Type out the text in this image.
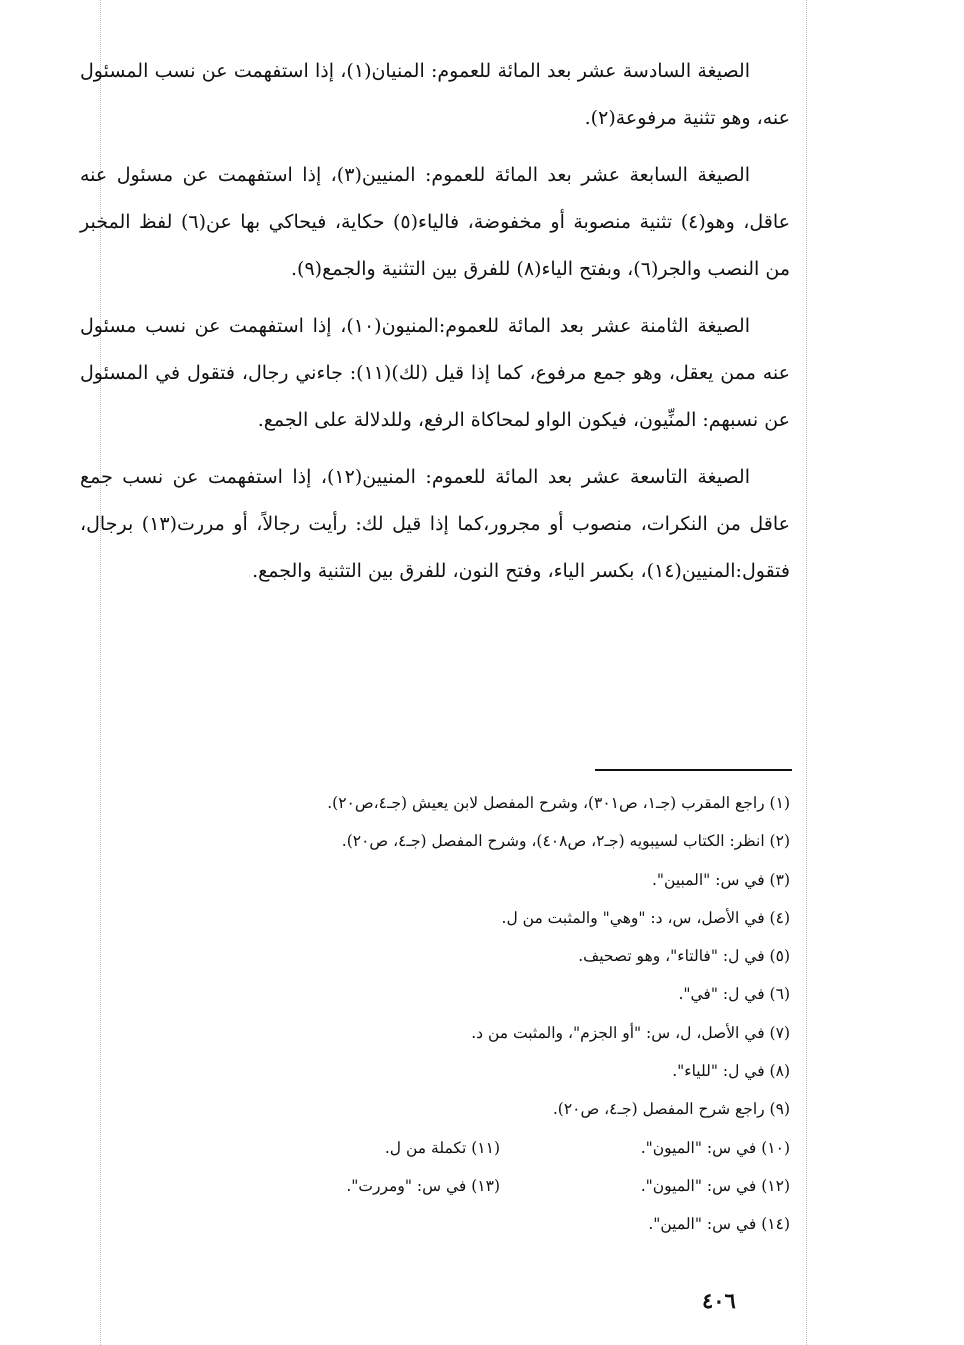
الصيغة السادسة عشر بعد المائة للعموم: المنيان(١)، إذا استفهمت عن نسب المسئول عنه، وهو تثنية مرفوعة(٢).

الصيغة السابعة عشر بعد المائة للعموم: المنيين(٣)، إذا استفهمت عن مسئول عنه عاقل، وهو(٤) تثنية منصوبة أو مخفوضة، فالياء(٥) حكاية، فيحاكي بها عن(٦) لفظ المخبر من النصب والجر(٦)، وبفتح الياء(٨) للفرق بين التثنية والجمع(٩).

الصيغة الثامنة عشر بعد المائة للعموم:المنيون(١٠)، إذا استفهمت عن نسب مسئول عنه ممن يعقل، وهو جمع مرفوع، كما إذا قيل (لك)(١١): جاءني رجال، فتقول في المسئول عن نسبهم: المنِّيون، فيكون الواو لمحاكاة الرفع، وللدلالة على الجمع.

الصيغة التاسعة عشر بعد المائة للعموم: المنيين(١٢)، إذا استفهمت عن نسب جمع عاقل من النكرات، منصوب أو مجرور،كما إذا قيل لك: رأيت رجالاً، أو مررت(١٣) برجال، فتقول:المنيين(١٤)، بكسر الياء، وفتح النون، للفرق بين التثنية والجمع.

(١) راجع المقرب (جـ١، ص٣٠١)، وشرح المفصل لابن يعيش (جـ٤،ص٢٠).
(٢) انظر: الكتاب لسيبويه (جـ٢، ص٤٠٨)، وشرح المفصل (جـ٤، ص٢٠).
(٣) في س: "المبين".
(٤) في الأصل، س، د: "وهي" والمثبت من ل.
(٥) في ل: "فالتاء"، وهو تصحيف.
(٦) في ل: "في".
(٧) في الأصل، ل، س: "أو الجزم"، والمثبت من د.
(٨) في ل: "للياء".
(٩) راجع شرح المفصل (جـ٤، ص٢٠).
(١٠) في س: "الميون".
(١١) تكملة من ل.
(١٢) في س: "الميون".
(١٣) في س: "ومررت".
(١٤) في س: "المين".
٤٠٦
